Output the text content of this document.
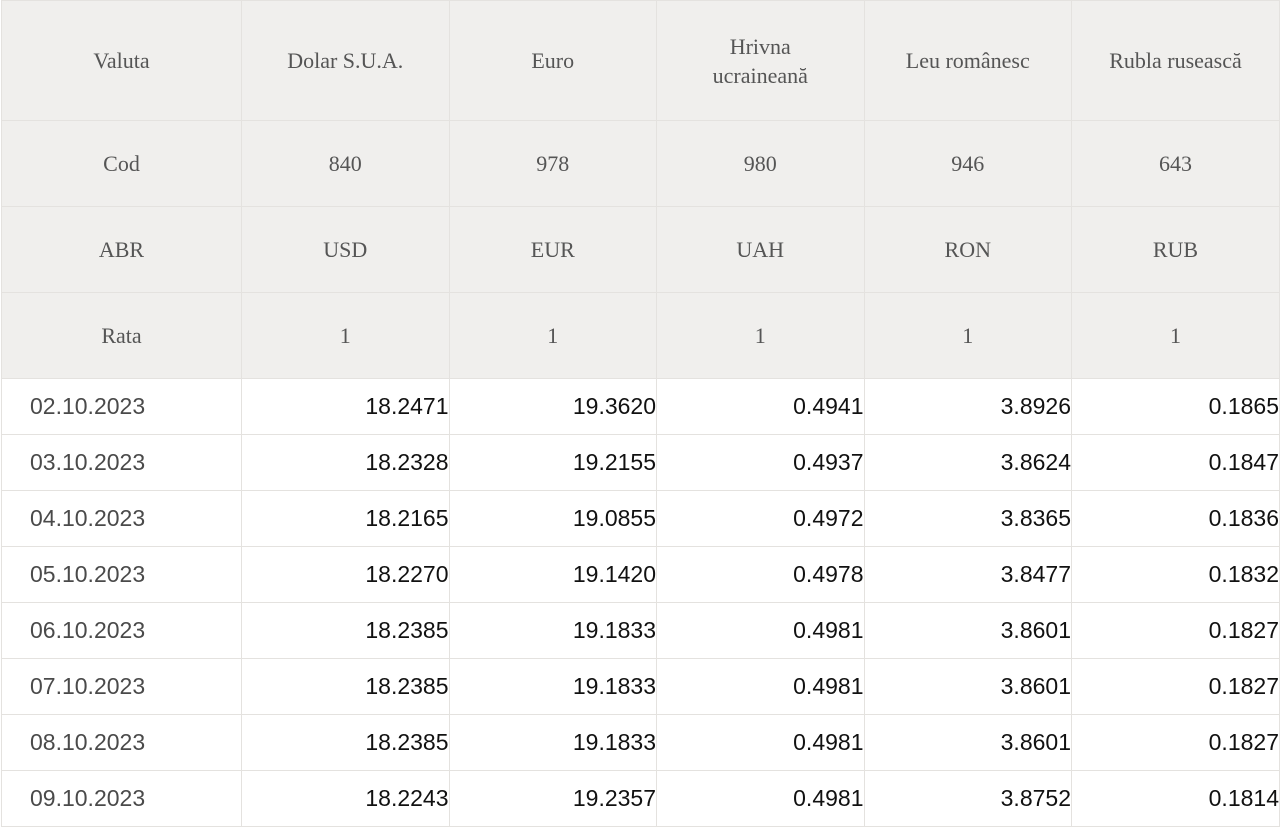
Valuta	Dolar S.U.A.	Euro	Hrivna ucraineană	Leu românesc	Rubla rusească
Cod	840	978	980	946	643
ABR	USD	EUR	UAH	RON	RUB
Rata	1	1	1	1	1
02.10.2023	18.2471	19.3620	0.4941	3.8926	0.1865
03.10.2023	18.2328	19.2155	0.4937	3.8624	0.1847
04.10.2023	18.2165	19.0855	0.4972	3.8365	0.1836
05.10.2023	18.2270	19.1420	0.4978	3.8477	0.1832
06.10.2023	18.2385	19.1833	0.4981	3.8601	0.1827
07.10.2023	18.2385	19.1833	0.4981	3.8601	0.1827
08.10.2023	18.2385	19.1833	0.4981	3.8601	0.1827
09.10.2023	18.2243	19.2357	0.4981	3.8752	0.1814
